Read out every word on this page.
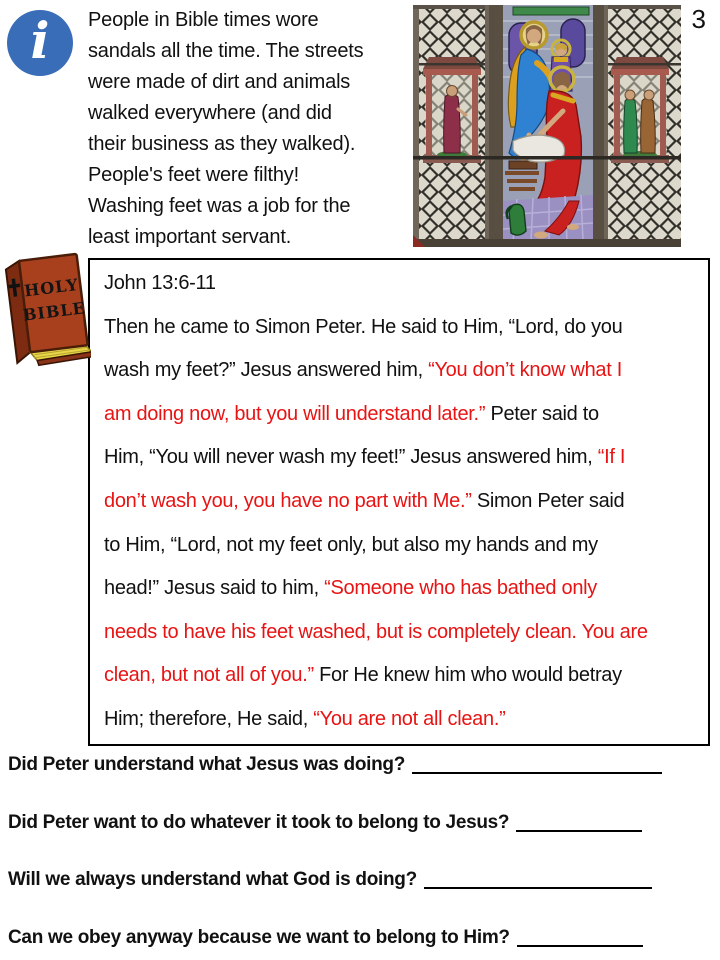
i People in Bible times wore
sandals all the time. The streets
were made of dirt and animals
walked everywhere (and did
their business as they walked).
People's feet were filthy!
Washing feet was a job for the
least important servant.
3
John 13:6-11
Then he came to Simon Peter. He said to Him, “Lord, do you
wash my feet?” Jesus answered him, “You don’t know what I
am doing now, but you will understand later.” Peter said to
Him, “You will never wash my feet!” Jesus answered him, “If I
don’t wash you, you have no part with Me.” Simon Peter said
to Him, “Lord, not my feet only, but also my hands and my
head!” Jesus said to him, “Someone who has bathed only
needs to have his feet washed, but is completely clean. You are
clean, but not all of you.” For He knew him who would betray
Him; therefore, He said, “You are not all clean.”
HOLY
BIBLE
Did Peter understand what Jesus was doing?
Did Peter want to do whatever it took to belong to Jesus?
Will we always understand what God is doing?
Can we obey anyway because we want to belong to Him?
